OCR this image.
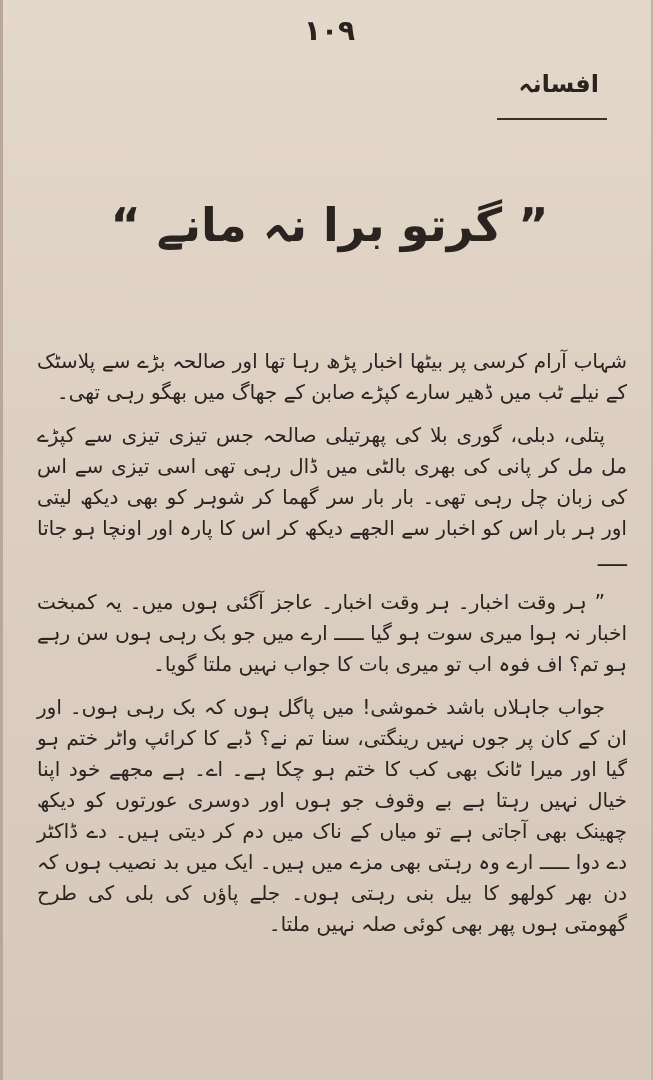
۱۰۹
افسانہ
” گرتو برا نہ مانے “

شہاب آرام کرسی پر بیٹھا اخبار پڑھ رہا تھا اور صالحہ بڑے سے پلاسٹک کے نیلے ٹب میں ڈھیر سارے کپڑے صابن کے جھاگ میں بھگو رہی تھی۔

پتلی، دبلی، گوری بلا کی پھرتیلی صالحہ جس تیزی تیزی سے کپڑے مل مل کر پانی کی بھری بالٹی میں ڈال رہی تھی اسی تیزی سے اس کی زبان چل رہی تھی۔ بار بار سر گھما کر شوہر کو بھی دیکھ لیتی اور ہر بار اس کو اخبار سے الجھے دیکھ کر اس کا پارہ اور اونچا ہو جاتا ـــــ

” ہر وقت اخبار۔ ہر وقت اخبار۔ عاجز آگئی ہوں میں۔ یہ کمبخت اخبار نہ ہوا میری سوت ہو گیا ـــــ ارے میں جو بک رہی ہوں سن رہے ہو تم؟ اف فوہ اب تو میری بات کا جواب نہیں ملتا گویا۔

جواب جاہلاں باشد خموشی! میں پاگل ہوں کہ بک رہی ہوں۔ اور ان کے کان پر جوں نہیں رینگتی، سنا تم نے؟ ڈبے کا کرائپ واٹر ختم ہو گیا اور میرا ٹانک بھی کب کا ختم ہو چکا ہے۔ اے۔ ہے مجھے خود اپنا خیال نہیں رہتا ہے بے وقوف جو ہوں اور دوسری عورتوں کو دیکھ چھینک بھی آجاتی ہے تو میاں کے ناک میں دم کر دیتی ہیں۔ دے ڈاکٹر دے دوا ـــــ ارے وہ رہتی بھی مزے میں ہیں۔ ایک میں بد نصیب ہوں کہ دن بھر کولھو کا بیل بنی رہتی ہوں۔ جلے پاؤں کی بلی کی طرح گھومتی ہوں پھر بھی کوئی صلہ نہیں ملتا۔
